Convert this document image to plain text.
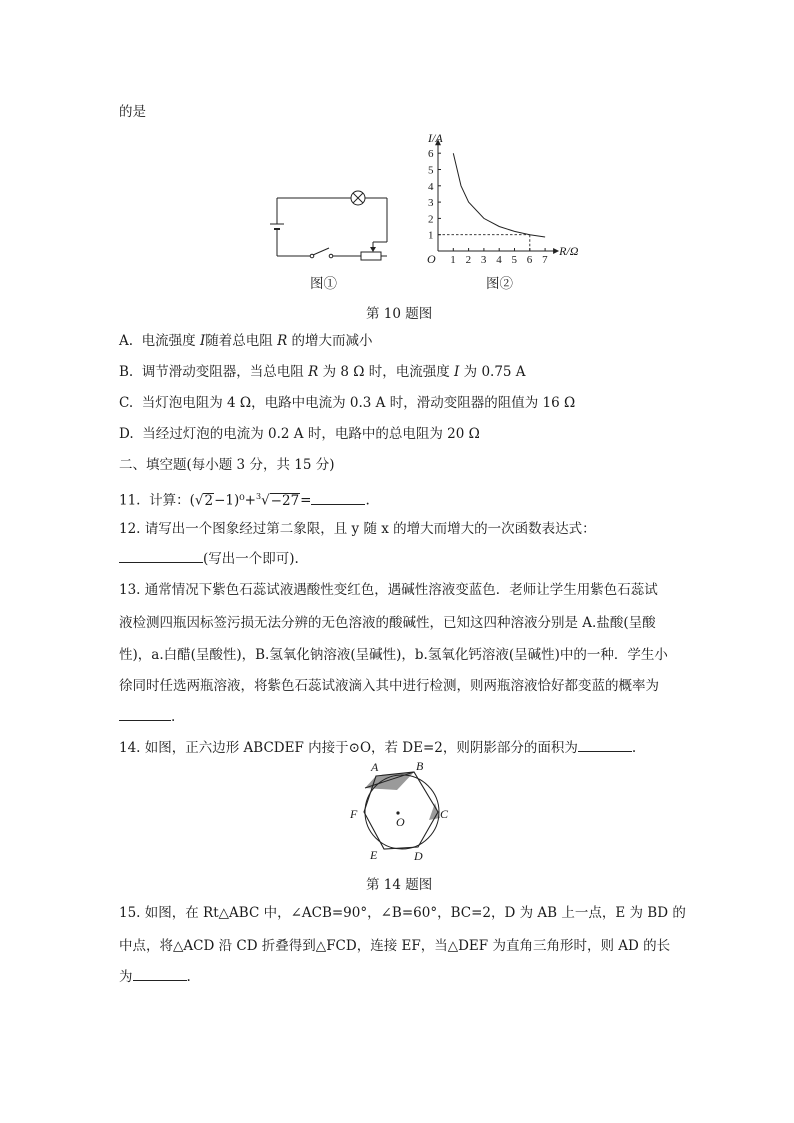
的是
图①
R/Ω
I/A
O 1 2 3 4 5 6 7
1
2
3
4
5
6
图②
第 10 题图
A. 电流强度 I随着总电阻 R 的增大而减小
B. 调节滑动变阻器，当总电阻 R 为 8 Ω 时，电流强度 I 为 0.75 A
C. 当灯泡电阻为 4 Ω，电路中电流为 0.3 A 时，滑动变阻器的阻值为 16 Ω
D. 当经过灯泡的电流为 0.2 A 时，电路中的总电阻为 20 Ω
二、填空题(每小题 3 分，共 15 分)
11. 计算：(√2−1)⁰+$^3$√−27=	.
12. 请写出一个图象经过第二象限，且 y 随 x 的增大而增大的一次函数表达式：
(写出一个即可).
13. 通常情况下紫色石蕊试液遇酸性变红色，遇碱性溶液变蓝色．老师让学生用紫色石蕊试
液检测四瓶因标签污损无法分辨的无色溶液的酸碱性，已知这四种溶液分别是 A.盐酸(呈酸
性)，a.白醋(呈酸性)，B.氢氧化钠溶液(呈碱性)，b.氢氧化钙溶液(呈碱性)中的一种．学生小
徐同时任选两瓶溶液，将紫色石蕊试液滴入其中进行检测，则两瓶溶液恰好都变蓝的概率为
.
14. 如图，正六边形 ABCDEF 内接于⊙O，若 DE=2，则阴影部分的面积为	.
A	B
C
D
E
F
O
第 14 题图
15. 如图，在 Rt△ABC 中，∠ACB=90°，∠B=60°，BC=2，D 为 AB 上一点，E 为 BD 的
中点，将△ACD 沿 CD 折叠得到△FCD，连接 EF，当△DEF 为直角三角形时，则 AD 的长
为	.
